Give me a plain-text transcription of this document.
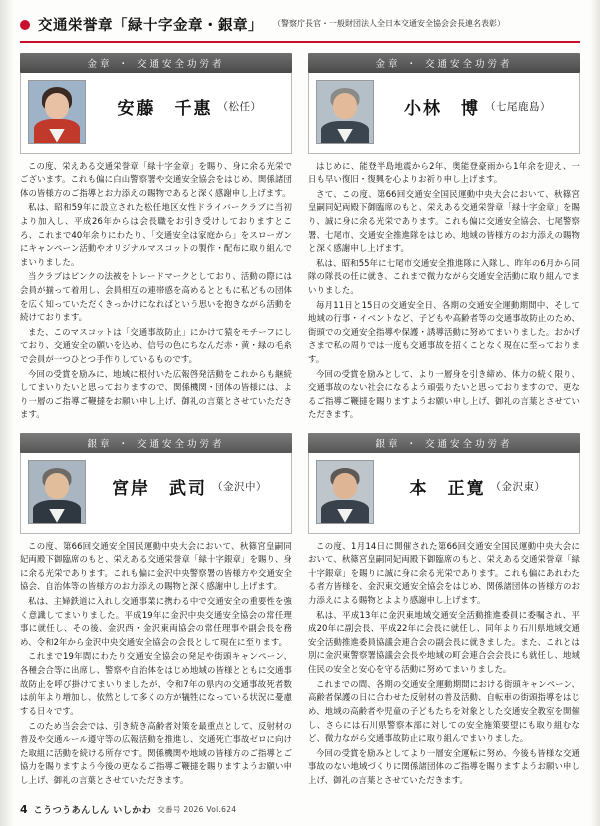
交通栄誉章「緑十字金章・銀章」 （警察庁長官・一般財団法人全日本交通安全協会会長連名表彰）
金章 ・ 交通安全功労者
安藤　千惠 （松任）

この度、栄えある交通栄誉章「緑十字金章」を賜り、身に余る光栄でございます。これも偏に白山警察署や交通安全協会をはじめ、関係諸団体の皆様方のご指導とお力添えの賜物であると深く感謝申し上げます。

私は、昭和59年に設立された松任地区女性ドライバークラブに当初より加入し、平成26年からは会長職をお引き受けしておりますところ、これまで40年余りにわたり、「交通安全は家庭から」をスローガンにキャンペーン活動やオリジナルマスコットの製作・配布に取り組んでまいりました。

当クラブはピンクの法被をトレードマークとしており、活動の際には会員が揃って着用し、会員相互の連帯感を高めるとともに私どもの団体を広く知っていただくきっかけになればという思いを抱きながら活動を続けております。

また、このマスコットは「交通事故防止」にかけて猿をモチーフにしており、交通安全の願いを込め、信号の色にちなんだ赤・黄・緑の毛糸で会員が一つひとつ手作りしているものです。

今回の受賞を励みに、地域に根付いた広報啓発活動をこれからも継続してまいりたいと思っておりますので、関係機関・団体の皆様には、より一層のご指導ご鞭撻をお願い申し上げ、御礼の言葉とさせていただきます。

金章 ・ 交通安全功労者
小林　博 （七尾鹿島）

はじめに、能登半島地震から2年、奥能登豪雨から1年余を迎え、一日も早い復旧・復興を心よりお祈り申し上げます。

さて、この度、第66回交通安全国民運動中央大会において、秋篠宮皇嗣同妃両殿下御臨席のもと、栄えある交通栄誉章「緑十字金章」を賜り、誠に身に余る光栄であります。これも偏に交通安全協会、七尾警察署、七尾市、交通安全推進隊をはじめ、地域の皆様方のお力添えの賜物と深く感謝申し上げます。

私は、昭和55年に七尾市交通安全推進隊に入隊し、昨年の6月から同隊の隊長の任に就き、これまで微力ながら交通安全活動に取り組んでまいりました。

毎月11日と15日の交通安全日、各期の交通安全運動期間中、そして地域の行事・イベントなど、子どもや高齢者等の交通事故防止のため、街頭での交通安全指導や保護・誘導活動に努めてまいりました。おかげさまで私の周りでは一度も交通事故を招くことなく現在に至っております。

今回の受賞を励みとして、より一層身を引き締め、体力の続く限り、交通事故のない社会になるよう頑張りたいと思っておりますので、更なるご指導ご鞭撻を賜りますようお願い申し上げ、御礼の言葉とさせていただきます。

銀章 ・ 交通安全功労者
宮岸　武司 （金沢中）

この度、第66回交通安全国民運動中央大会において、秋篠宮皇嗣同妃両殿下御臨席のもと、栄えある交通栄誉章「緑十字銀章」を賜り、身に余る光栄であります。これも偏に金沢中央警察署の皆様方や交通安全協会、自治体等の皆様方のお力添えの賜物と深く感謝申し上げます。

私は、主婦鉄道に入れし交通事業に携わる中で交通安全の重要性を強く意識してまいりました。平成19年に金沢中央交通安全協会の常任理事に就任し、その後、金沢西・金沢東両協会の常任理事や副会長を務め、令和2年から金沢中央交通安全協会の会長として現在に至ります。

これまで19年間にわたり交通安全協会の発足や街頭キャンペーン、各種会合等に出席し、警察や自治体をはじめ地域の皆様とともに交通事故防止を呼び掛けてまいりましたが、令和7年の県内の交通事故死者数は前年より増加し、依然として多くの方が犠牲になっている状況に憂慮する日々です。

このため当会会では、引き続き高齢者対策を最重点として、反射材の普及や交通ルール遵守等の広報活動を推進し、交通死亡事故ゼロに向けた取組に活動を続ける所存です。関係機関や地域の皆様方のご指導とご協力を賜りますよう今後の更なるご指導ご鞭撻を賜りますようお願い申し上げ、御礼の言葉とさせていただきます。

銀章 ・ 交通安全功労者
本　正寛 （金沢東）

この度、1月14日に開催された第66回交通安全国民運動中央大会において、秋篠宮皇嗣同妃両殿下御臨席のもと、栄えある交通栄誉章「緑十字銀章」を賜りに誠に身に余る光栄であります。これも偏にあれわたる者方皆様を、金沢東交通安全協会をはじめ、関係諸団体の皆様方のお力添えによる賜物とよより感謝申し上げます。

私は、平成13年に金沢東地域交通安全活動推進委員に委嘱され、平成20年に副会長、平成22年に会長に就任し、同年より石川県地域交通安全活動推進委員協議会連合会の副会長に就きました。また、これとは別に金沢東警察署協議会会長や地域の町会連合会会長にも就任し、地域住民の安全と安心を守る活動に努めてまいりました。

これまでの間、各期の交通安全運動期間における街頭キャンペーン、高齢者保護の日に合わせた反射材の普及活動、自転車の街頭指導をはじめ、地域の高齢者や児童の子どもたちを対象とした交通安全教室を開催し、さらには石川県警察本部に対しての安全施策要望にも取り組むなど、微力ながら交通事故防止に取り組んでまいりました。

今回の受賞を励みとしてより一層安全運転に努め、今後も皆様な交通事故のない地域づくりに関係諸団体のご指導を賜りますようお願い申し上げ、御礼の言葉とさせていただきます。

4 こうつうあんしん いしかわ 交番号 2026 Vol.624
